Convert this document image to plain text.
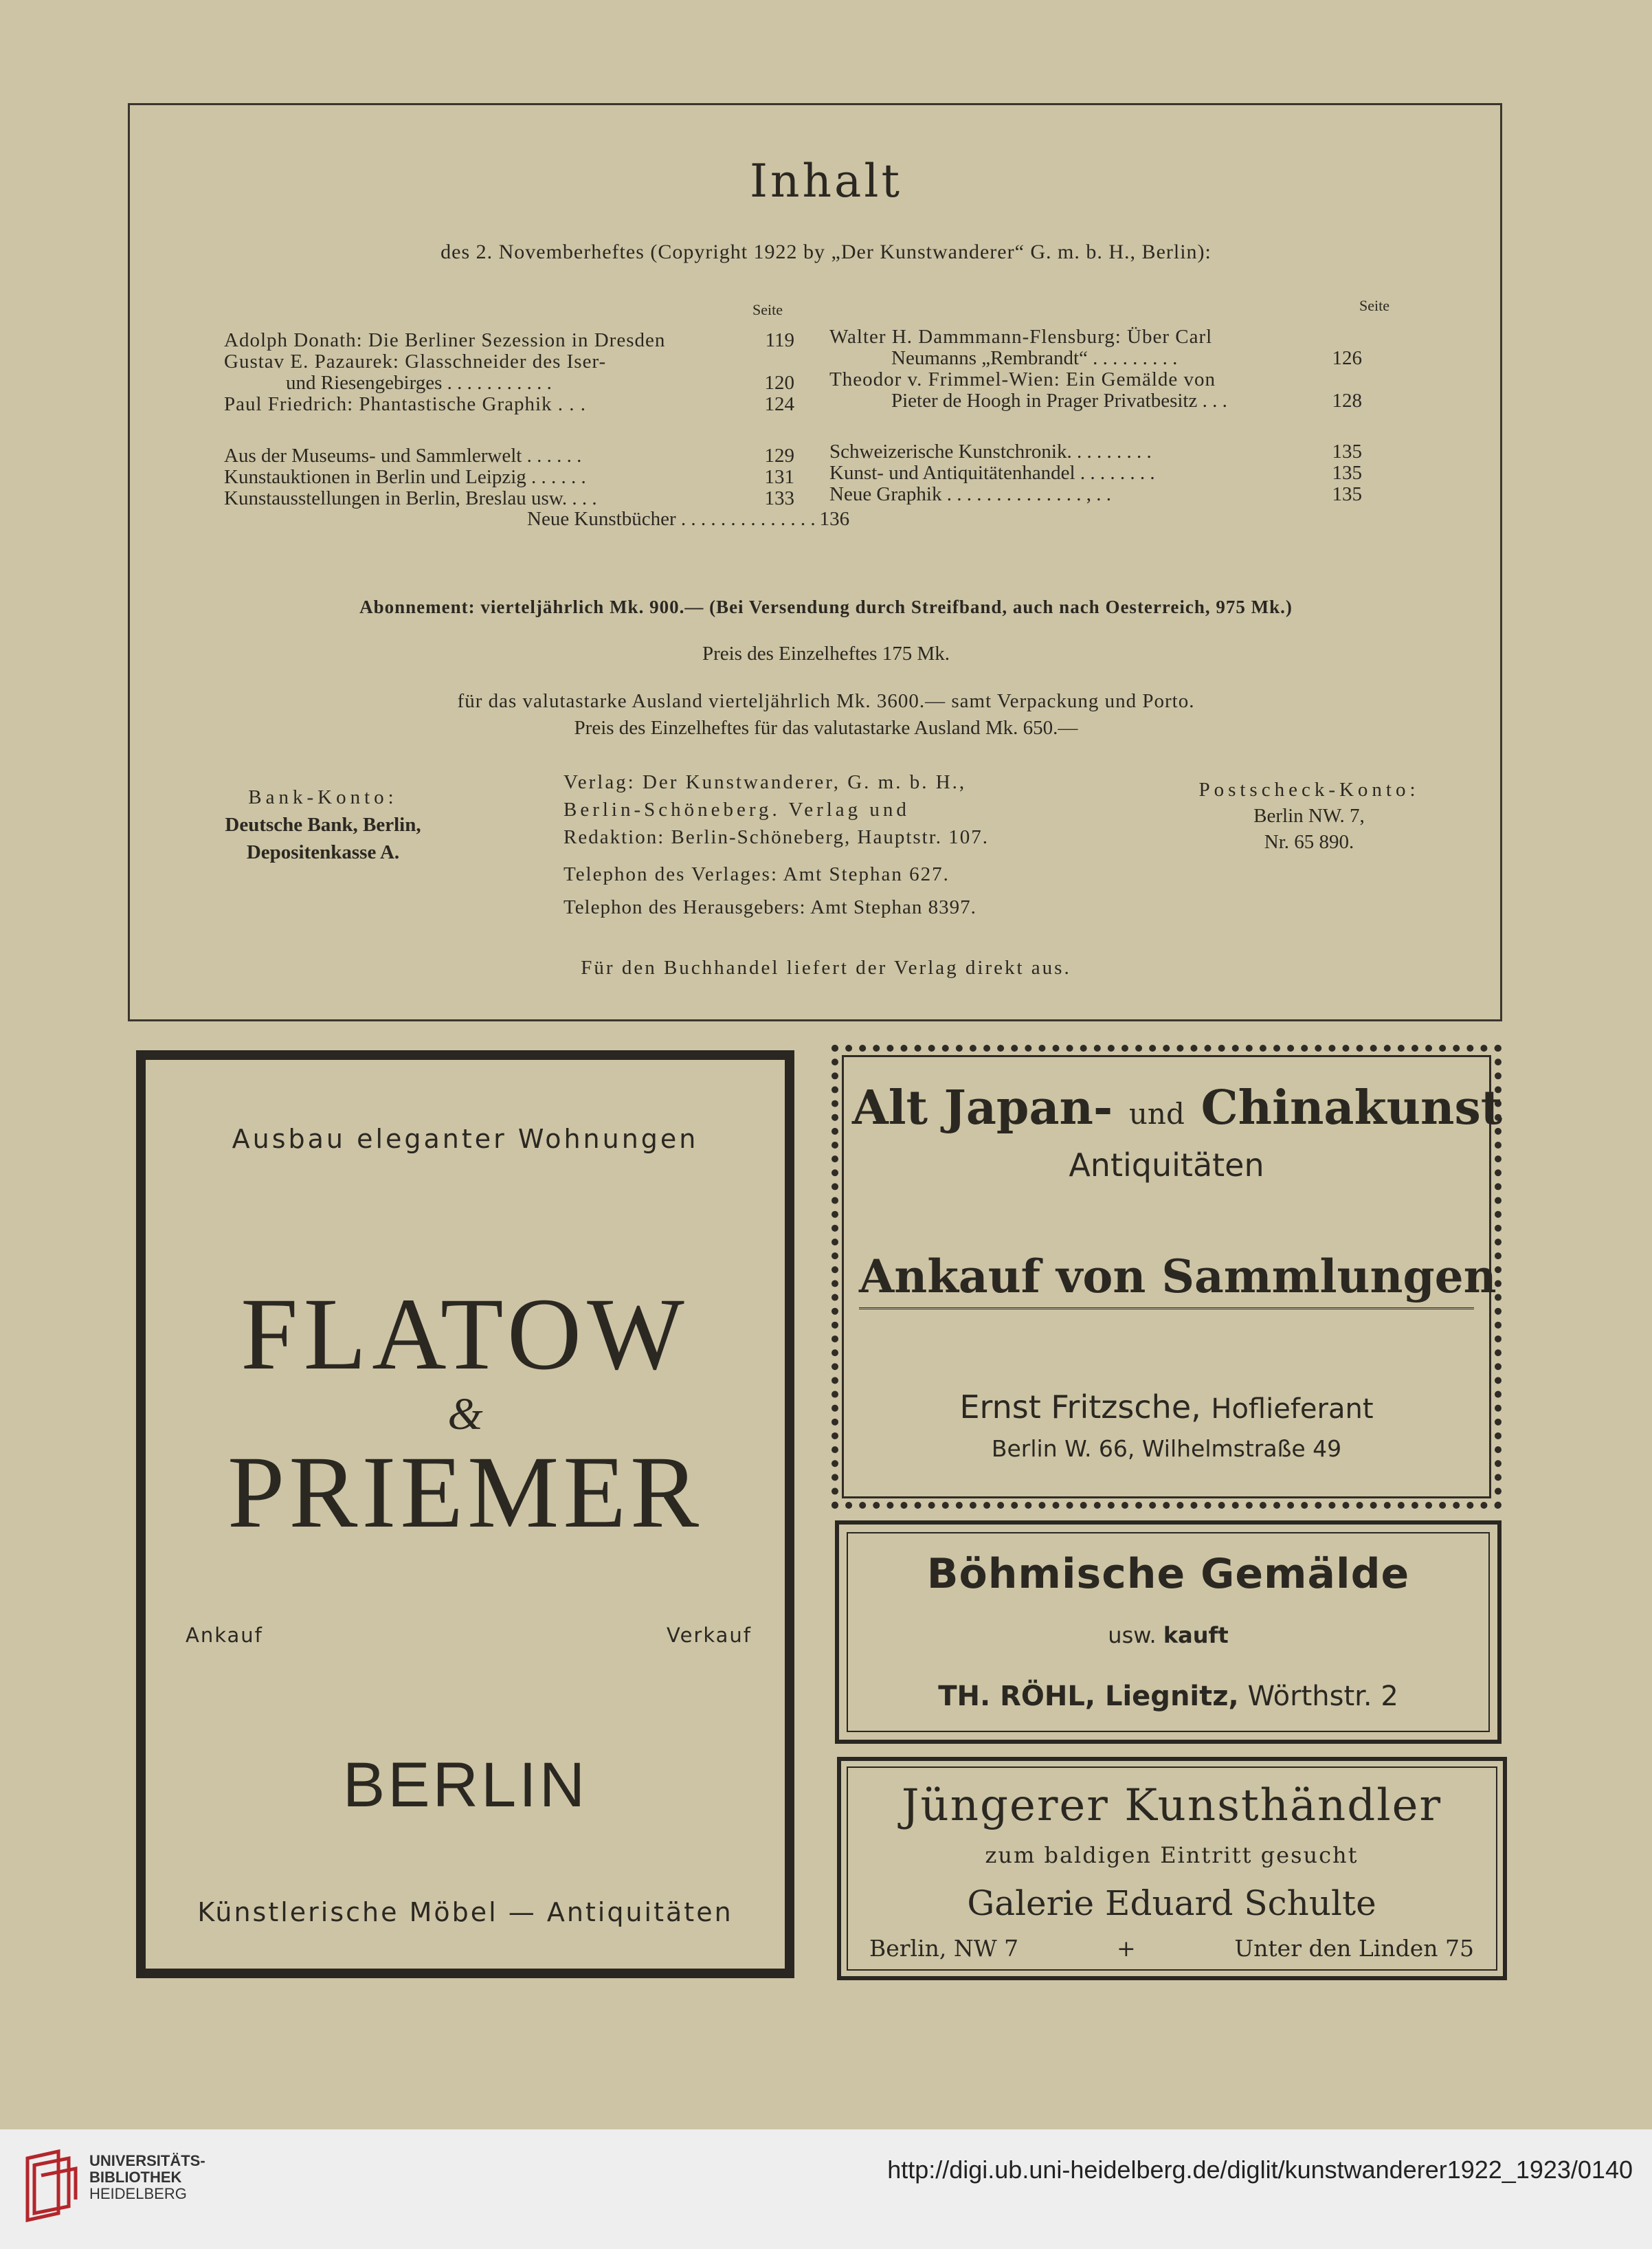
Inhalt
des 2. Novemberheftes (Copyright 1922 by „Der Kunstwanderer“ G. m. b. H., Berlin):
Seite	Seite
Adolph Donath: Die Berliner Sezession in Dresden	119
Gustav E. Pazaurek: Glasschneider des Iser-
und Riesengebirges . . . . . . . . . . .	120
Paul Friedrich: Phantastische Graphik . . .	124
Walter H. Dammmann-Flensburg: Über Carl
Neumanns „Rembrandt“ . . . . . . . . .	126
Theodor v. Frimmel-Wien: Ein Gemälde von
Pieter de Hoogh in Prager Privatbesitz . . .	128
Aus der Museums- und Sammlerwelt . . . . . .	129
Kunstauktionen in Berlin und Leipzig . . . . . .	131
Kunstausstellungen in Berlin, Breslau usw. . . .	133
Schweizerische Kunstchronik. . . . . . . . .	135
Kunst- und Antiquitätenhandel . . . . . . . .	135
Neue Graphik . . . . . . . . . . . . . . , . .	135
Neue Kunstbücher . . . . . . . . . . . . . . 136
Abonnement: vierteljährlich Mk. 900.— (Bei Versendung durch Streifband, auch nach Oesterreich, 975 Mk.)
Preis des Einzelheftes 175 Mk.
für das valutastarke Ausland vierteljährlich Mk. 3600.— samt Verpackung und Porto.
Preis des Einzelheftes für das valutastarke Ausland Mk. 650.—
Bank-Konto:
Deutsche Bank, Berlin,
Depositenkasse A.
Verlag: Der Kunstwanderer, G. m. b. H.,
Berlin-Schöneberg. Verlag und
Redaktion: Berlin-Schöneberg, Hauptstr. 107.
Telephon des Verlages: Amt Stephan 627.
Telephon des Herausgebers: Amt Stephan 8397.
Postscheck-Konto:
Berlin NW. 7,
Nr. 65 890.
Für den Buchhandel liefert der Verlag direkt aus.
Ausbau eleganter Wohnungen
FLATOW
&
PRIEMER
Ankauf	Verkauf
BERLIN
Künstlerische Möbel — Antiquitäten
Alt Japan- und Chinakunst
Antiquitäten
Ankauf von Sammlungen
Ernst Fritzsche, Hoflieferant
Berlin W. 66, Wilhelmstraße 49
Böhmische Gemälde
usw. kauft
TH. RÖHL, Liegnitz, Wörthstr. 2
Jüngerer Kunsthändler
zum baldigen Eintritt gesucht
Galerie Eduard Schulte
Berlin, NW 7	+	Unter den Linden 75
UNIVERSITÄTS-
BIBLIOTHEK
HEIDELBERG
http://digi.ub.uni-heidelberg.de/diglit/kunstwanderer1922_1923/0140
